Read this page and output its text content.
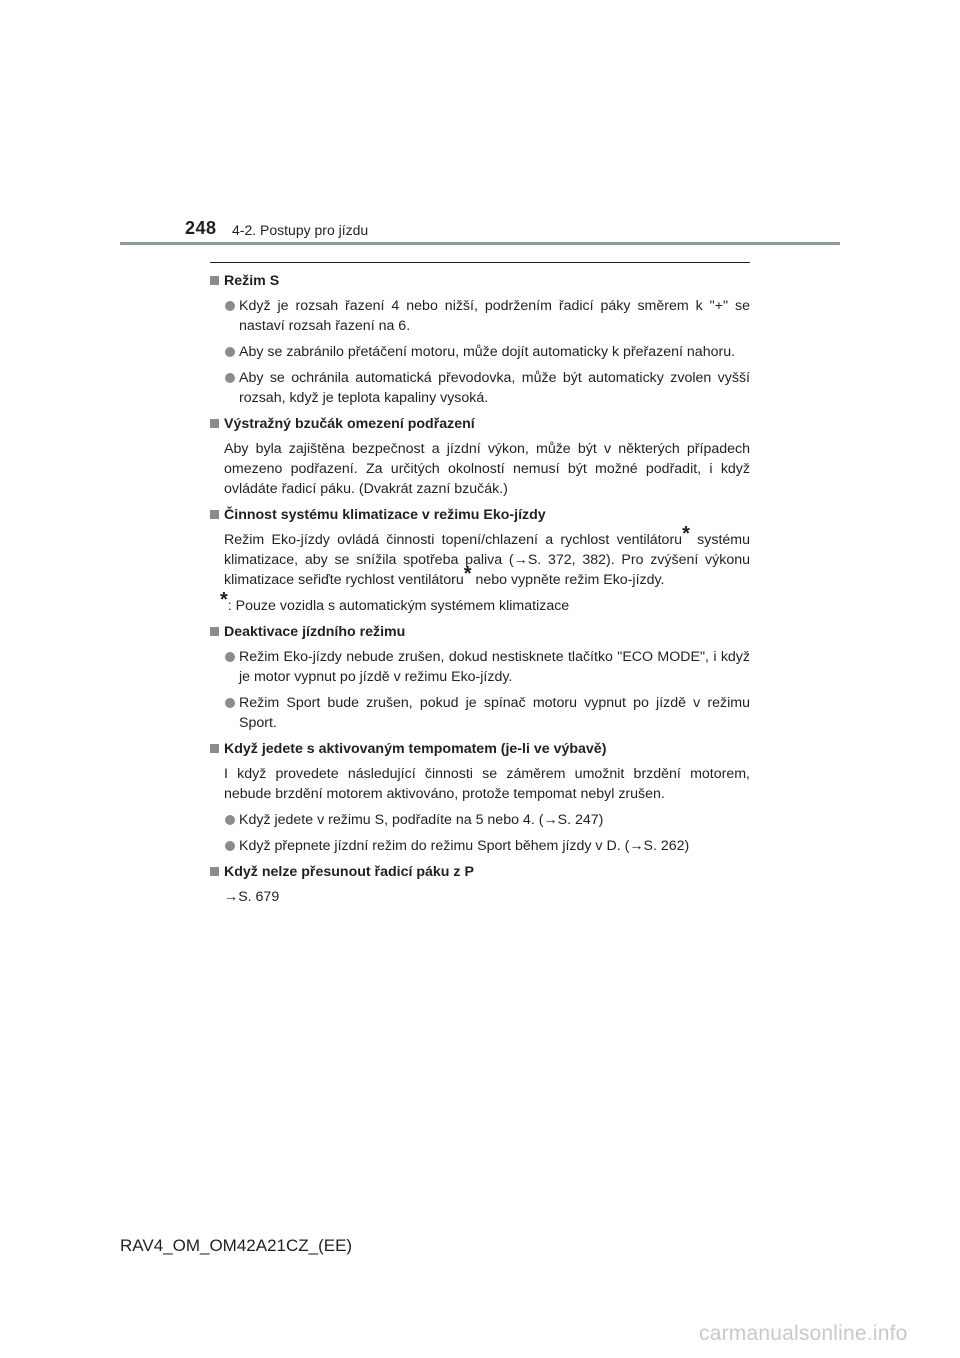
248 4-2. Postupy pro jízdu
Režim S
Když je rozsah řazení 4 nebo nižší, podržením řadicí páky směrem k "+" se nastaví rozsah řazení na 6.
Aby se zabránilo přetáčení motoru, může dojít automaticky k přeřazení nahoru.
Aby se ochránila automatická převodovka, může být automaticky zvolen vyšší rozsah, když je teplota kapaliny vysoká.
Výstražný bzučák omezení podřazení
Aby byla zajištěna bezpečnost a jízdní výkon, může být v některých případech omezeno podřazení. Za určitých okolností nemusí být možné podřadit, i když ovládáte řadicí páku. (Dvakrát zazní bzučák.)
Činnost systému klimatizace v režimu Eko-jízdy
Režim Eko-jízdy ovládá činnosti topení/chlazení a rychlost ventilátoru* systému klimatizace, aby se snížila spotřeba paliva (→S. 372, 382). Pro zvýšení výkonu klimatizace seřiďte rychlost ventilátoru* nebo vypněte režim Eko-jízdy.
*: Pouze vozidla s automatickým systémem klimatizace
Deaktivace jízdního režimu
Režim Eko-jízdy nebude zrušen, dokud nestisknete tlačítko "ECO MODE", i když je motor vypnut po jízdě v režimu Eko-jízdy.
Režim Sport bude zrušen, pokud je spínač motoru vypnut po jízdě v režimu Sport.
Když jedete s aktivovaným tempomatem (je-li ve výbavě)
I když provedete následující činnosti se záměrem umožnit brzdění motorem, nebude brzdění motorem aktivováno, protože tempomat nebyl zrušen.
Když jedete v režimu S, podřadíte na 5 nebo 4. (→S. 247)
Když přepnete jízdní režim do režimu Sport během jízdy v D. (→S. 262)
Když nelze přesunout řadicí páku z P
→S. 679
RAV4_OM_OM42A21CZ_(EE)
carmanualsonline.info
